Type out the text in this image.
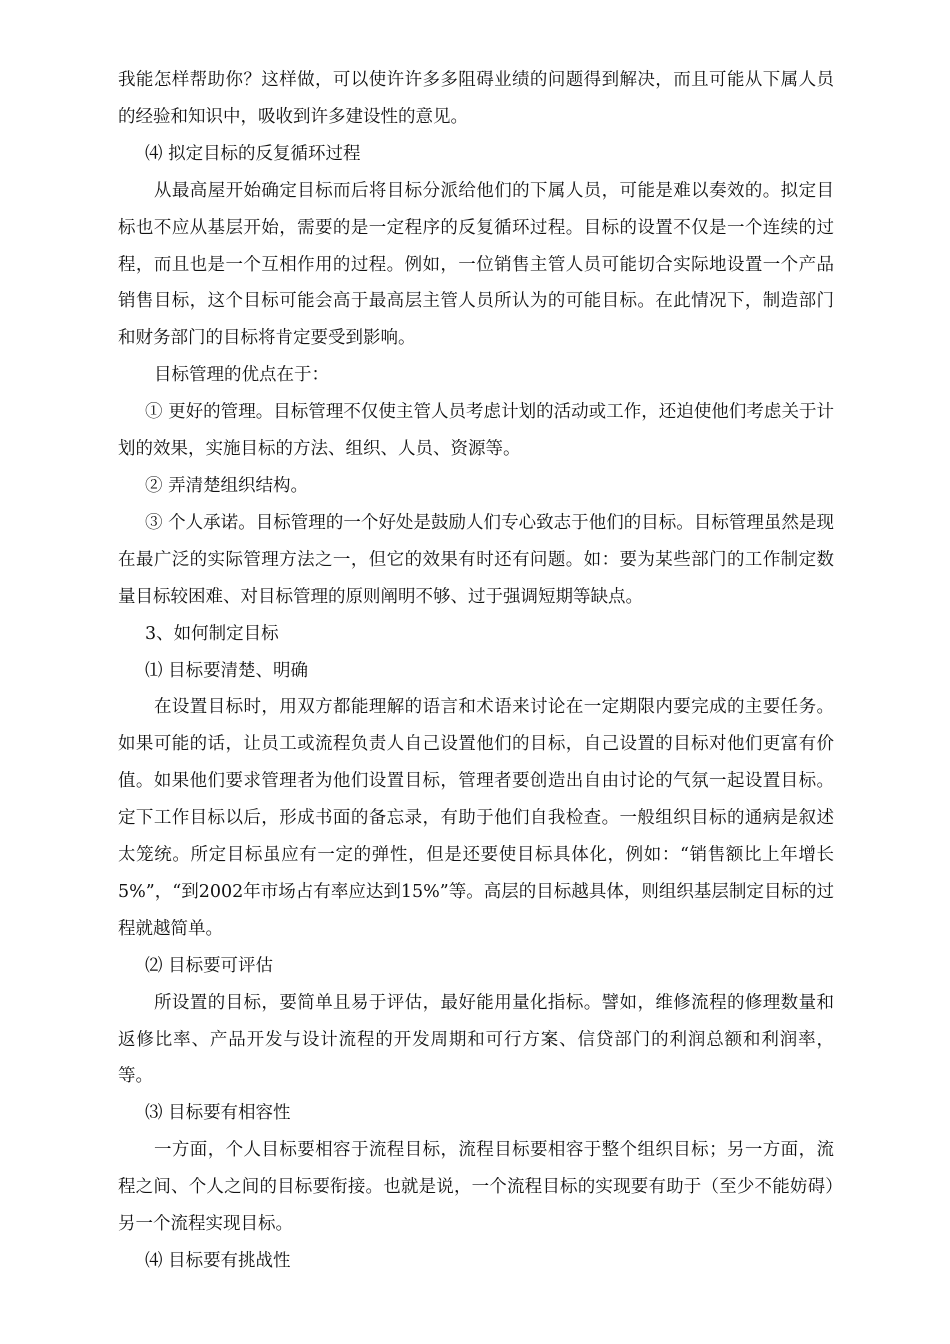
我能怎样帮助你？这样做，可以使许许多多阻碍业绩的问题得到解决，而且可能从下属人员的经验和知识中，吸收到许多建设性的意见。

⑷ 拟定目标的反复循环过程

从最高屋开始确定目标而后将目标分派给他们的下属人员，可能是难以奏效的。拟定目标也不应从基层开始，需要的是一定程序的反复循环过程。目标的设置不仅是一个连续的过程，而且也是一个互相作用的过程。例如，一位销售主管人员可能切合实际地设置一个产品销售目标，这个目标可能会高于最高层主管人员所认为的可能目标。在此情况下，制造部门和财务部门的目标将肯定要受到影响。

目标管理的优点在于：

① 更好的管理。目标管理不仅使主管人员考虑计划的活动或工作，还迫使他们考虑关于计划的效果，实施目标的方法、组织、人员、资源等。

② 弄清楚组织结构。

③ 个人承诺。目标管理的一个好处是鼓励人们专心致志于他们的目标。目标管理虽然是现在最广泛的实际管理方法之一，但它的效果有时还有问题。如：要为某些部门的工作制定数量目标较困难、对目标管理的原则阐明不够、过于强调短期等缺点。

3、如何制定目标

⑴ 目标要清楚、明确

在设置目标时，用双方都能理解的语言和术语来讨论在一定期限内要完成的主要任务。如果可能的话，让员工或流程负责人自己设置他们的目标，自己设置的目标对他们更富有价值。如果他们要求管理者为他们设置目标，管理者要创造出自由讨论的气氛一起设置目标。定下工作目标以后，形成书面的备忘录，有助于他们自我检查。一般组织目标的通病是叙述太笼统。所定目标虽应有一定的弹性，但是还要使目标具体化，例如：“销售额比上年增长5%”，“到2002年市场占有率应达到15%”等。高层的目标越具体，则组织基层制定目标的过程就越简单。

⑵ 目标要可评估

所设置的目标，要简单且易于评估，最好能用量化指标。譬如，维修流程的修理数量和返修比率、产品开发与设计流程的开发周期和可行方案、信贷部门的利润总额和利润率，等。

⑶ 目标要有相容性

一方面，个人目标要相容于流程目标，流程目标要相容于整个组织目标；另一方面，流程之间、个人之间的目标要衔接。也就是说，一个流程目标的实现要有助于（至少不能妨碍）另一个流程实现目标。

⑷ 目标要有挑战性
